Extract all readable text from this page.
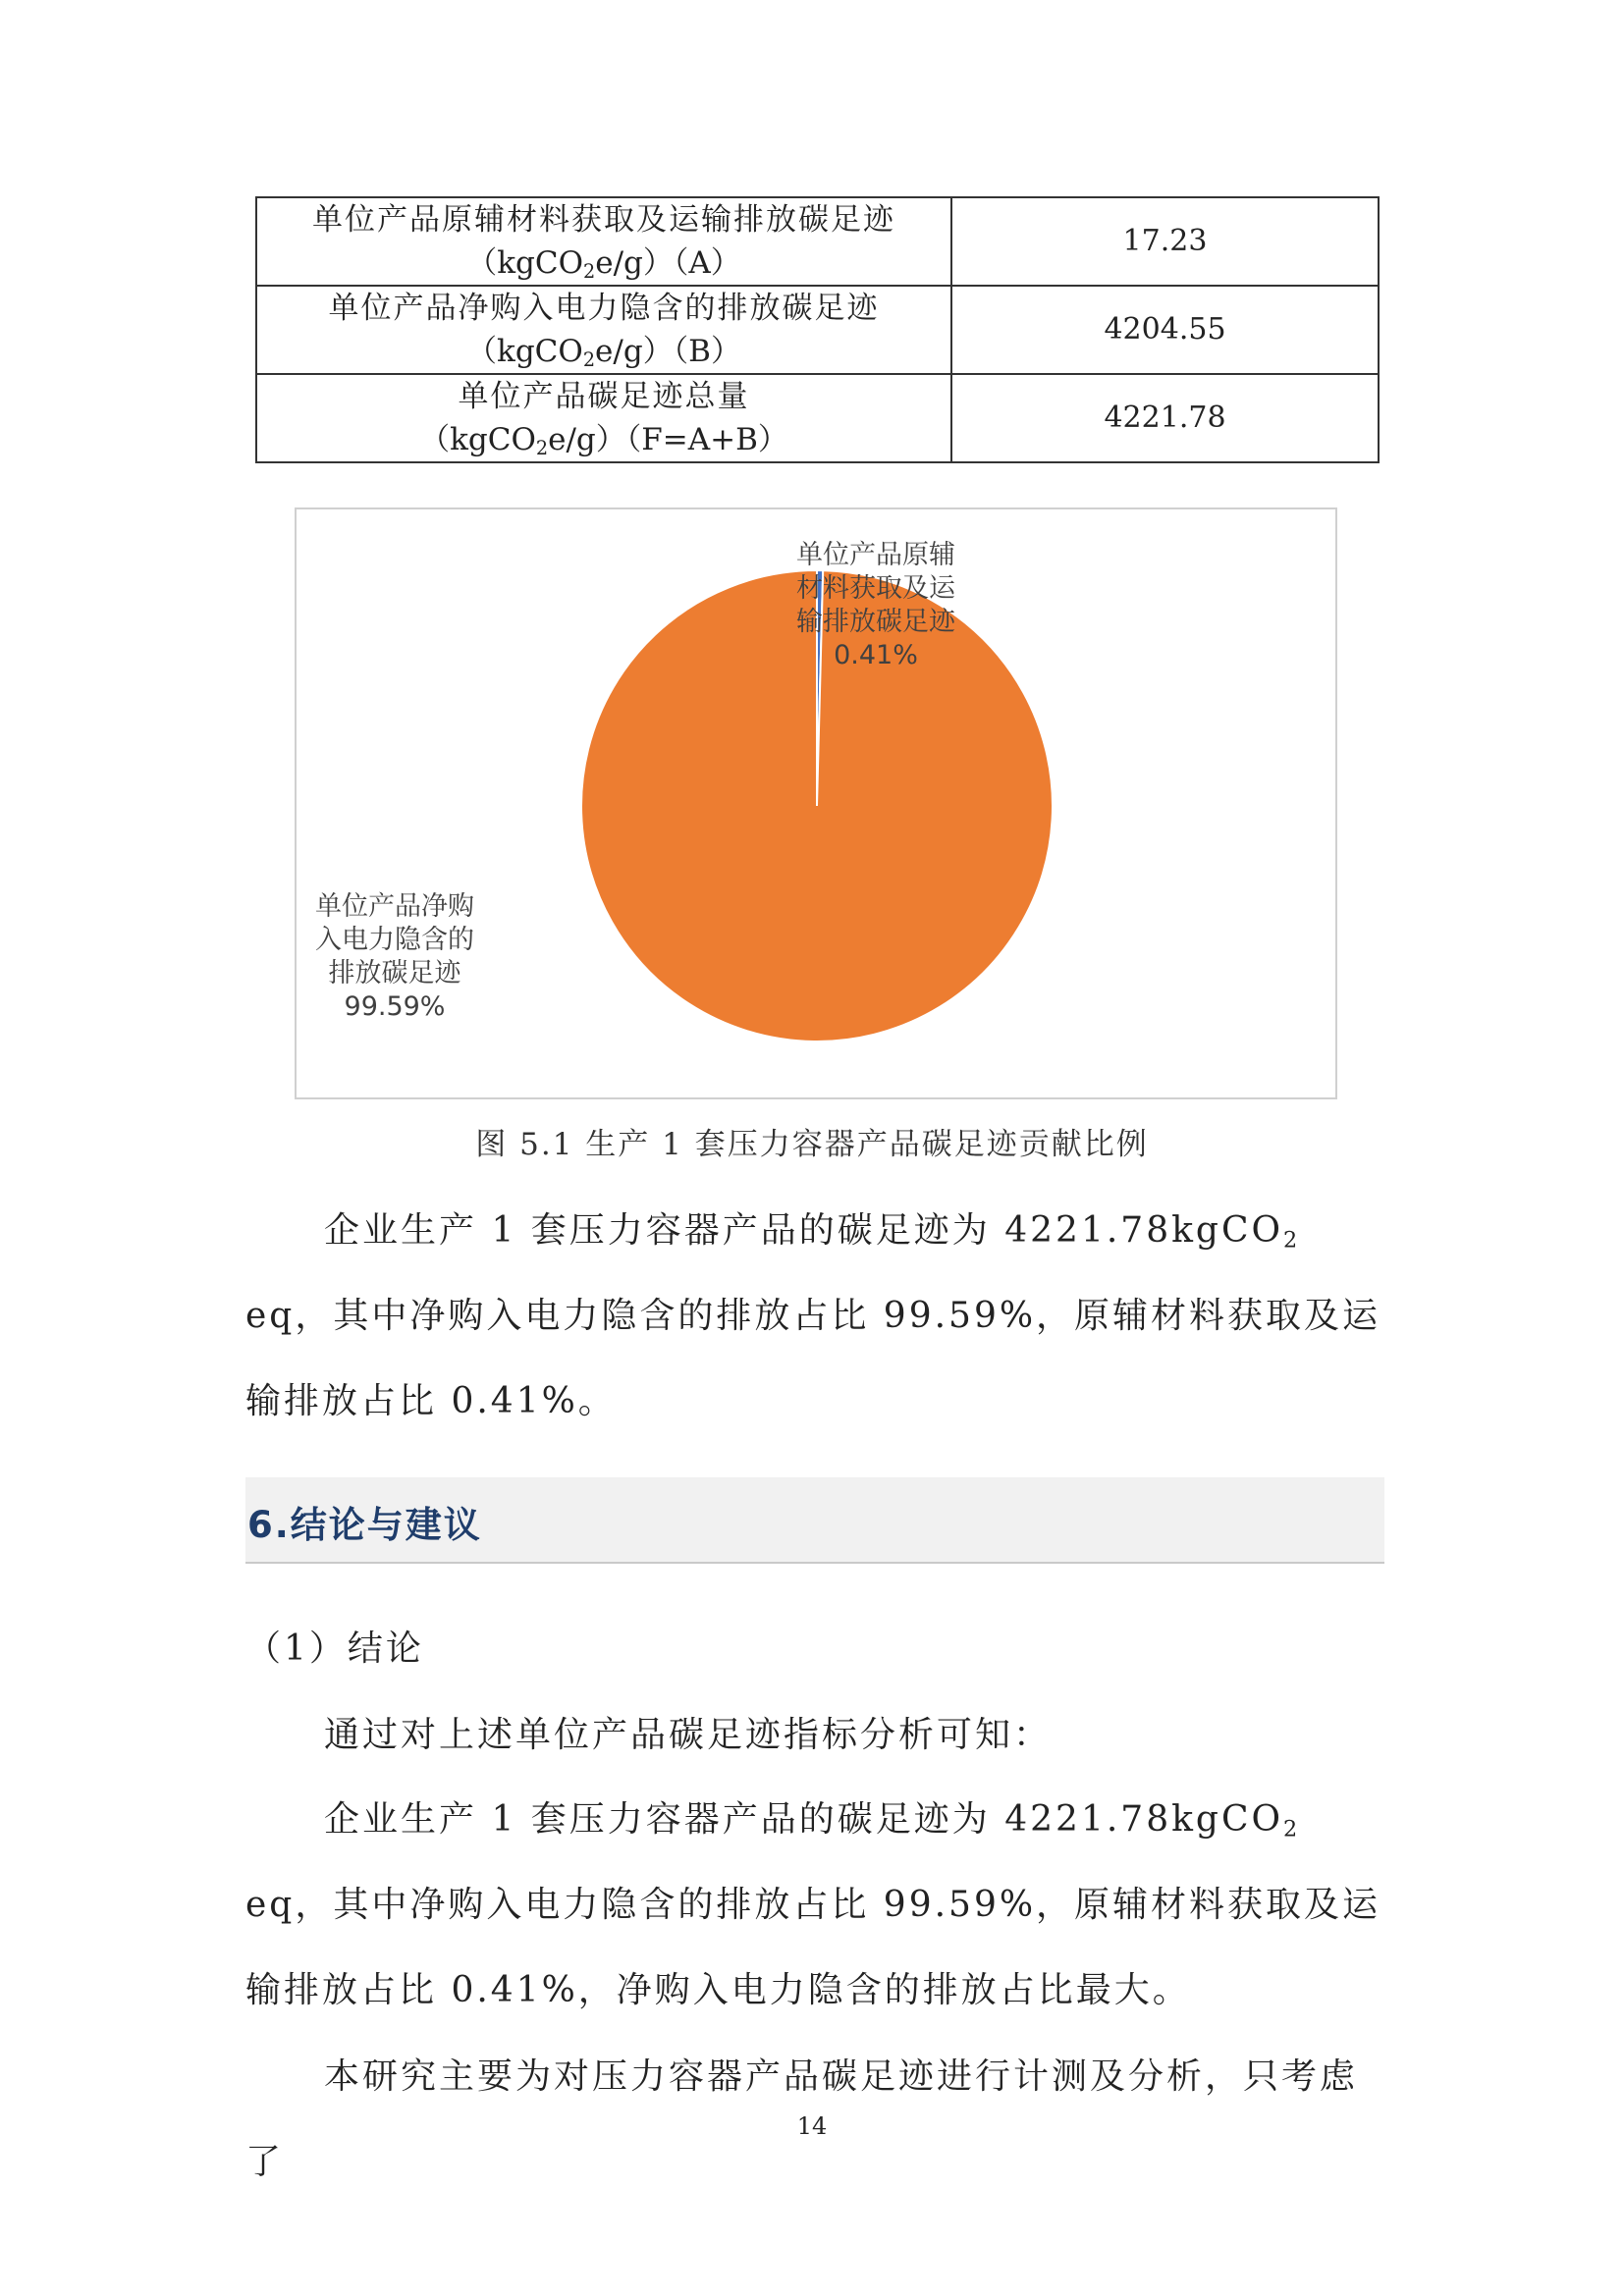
单位产品原辅材料获取及运输排放碳足迹
（kgCO$_2$e/g）（A）	17.23

单位产品净购入电力隐含的排放碳足迹
（kgCO$_2$e/g）（B）	4204.55

单位产品碳足迹总量
（kgCO$_2$e/g）（F=A+B）	4221.78
单位产品原辅
材料获取及运
输排放碳足迹
0.41%
单位产品净购
入电力隐含的
排放碳足迹
99.59%
图 5.1 生产 1 套压力容器产品碳足迹贡献比例

企业生产 1 套压力容器产品的碳足迹为 4221.78kgCO$_2$ eq，其中净购入电力隐含的排放占比 99.59%，原辅材料获取及运输排放占比 0.41%。

6.结论与建议

（1）结论

通过对上述单位产品碳足迹指标分析可知：

企业生产 1 套压力容器产品的碳足迹为 4221.78kgCO$_2$ eq，其中净购入电力隐含的排放占比 99.59%，原辅材料获取及运输排放占比 0.41%，净购入电力隐含的排放占比最大。

本研究主要为对压力容器产品碳足迹进行计测及分析，只考虑了

14
